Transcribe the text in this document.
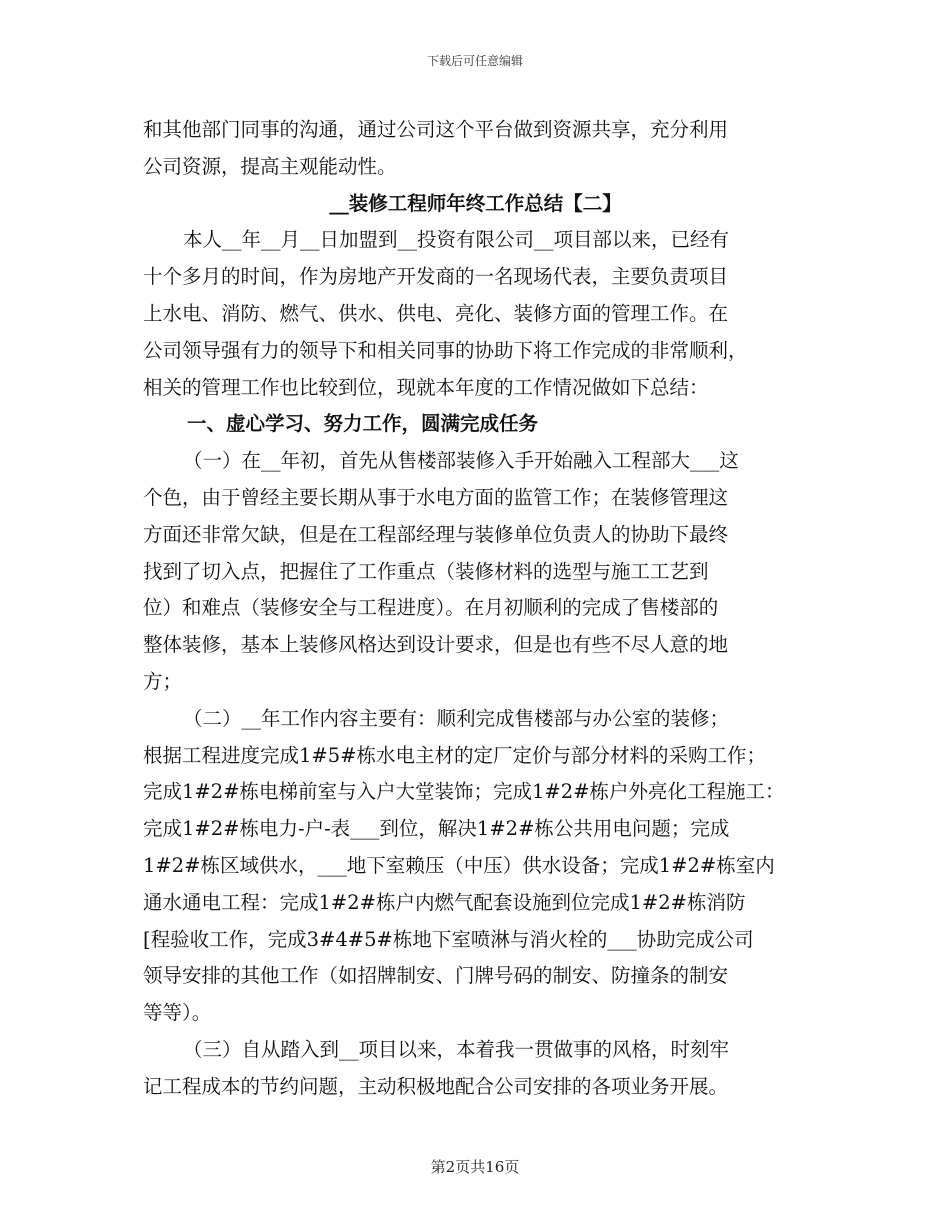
下载后可任意编辑
和其他部门同事的沟通，通过公司这个平台做到资源共享，充分利用
公司资源，提高主观能动性。
__装修工程师年终工作总结【二】
本人__年__月__日加盟到__投资有限公司__项目部以来，已经有
十个多月的时间，作为房地产开发商的一名现场代表，主要负责项目
上水电、消防、燃气、供水、供电、亮化、装修方面的管理工作。在
公司领导强有力的领导下和相关同事的协助下将工作完成的非常顺利，
相关的管理工作也比较到位，现就本年度的工作情况做如下总结：
一、虚心学习、努力工作，圆满完成任务
（一）在__年初，首先从售楼部装修入手开始融入工程部大___这
个色，由于曾经主要长期从事于水电方面的监管工作；在装修管理这
方面还非常欠缺，但是在工程部经理与装修单位负责人的协助下最终
找到了切入点，把握住了工作重点（装修材料的选型与施工工艺到
位）和难点（装修安全与工程进度）。在月初顺利的完成了售楼部的
整体装修，基本上装修风格达到设计要求，但是也有些不尽人意的地
方；
（二）__年工作内容主要有：顺利完成售楼部与办公室的装修；
根据工程进度完成1#5#栋水电主材的定厂定价与部分材料的采购工作；
完成1#2#栋电梯前室与入户大堂装饰；完成1#2#栋户外亮化工程施工：
完成1#2#栋电力-户-表___到位，解决1#2#栋公共用电问题；完成
1#2#栋区域供水，___地下室赖压（中压）供水设备；完成1#2#栋室内
通水通电工程：完成1#2#栋户内燃气配套设施到位完成1#2#栋消防
[程验收工作，完成3#4#5#栋地下室喷淋与消火栓的___协助完成公司
领导安排的其他工作（如招牌制安、门牌号码的制安、防撞条的制安
等等）。
（三）自从踏入到__项目以来，本着我一贯做事的风格，时刻牢
记工程成本的节约问题，主动积极地配合公司安排的各项业务开展。
第2页共16页
